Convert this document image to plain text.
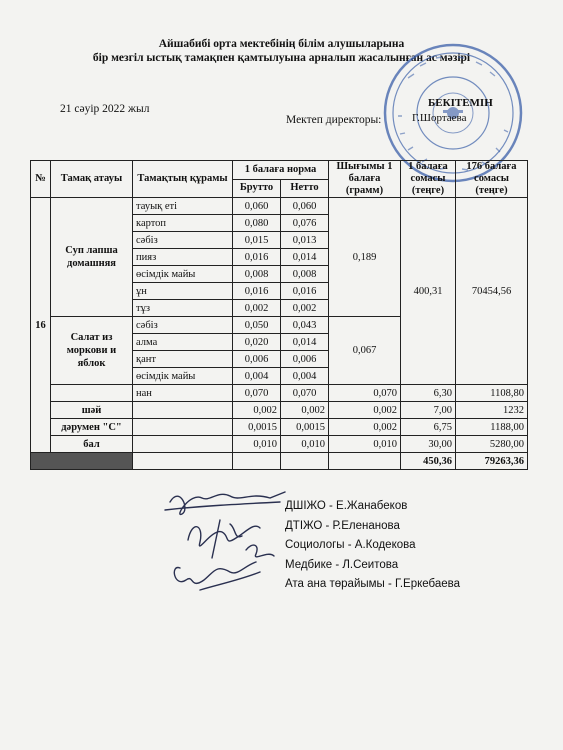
Айшабибі орта мектебінің білім алушыларына
бір мезгіл ыстық тамақпен қамтылуына арналып жасалынған ас мәзірі
БЕКІТЕМІН
21 сәуір 2022 жыл
Мектеп директоры:	Г.Шортаева
№	Тамақ атауы	Тамақтың құрамы	1 балаға норма		Шығымы 1 балаға (грамм)	1 балаға сомасы (теңге)	176 балаға сомасы (теңге)
			Брутто	Нетто			
16	Суп лапша домашняя	тауық еті	0,060	0,060	0,189	400,31	70454,56
		картоп	0,080	0,076			
		сәбіз	0,015	0,013			
		пияз	0,016	0,014			
		өсімдік майы	0,008	0,008			
		ұн	0,016	0,016			
		тұз	0,002	0,002			
	Салат из моркови и яблок	сәбіз	0,050	0,043	0,067		
		алма	0,020	0,014			
		қант	0,006	0,006			
		өсімдік майы	0,004	0,004			
		нан	0,070	0,070	0,070	6,30	1108,80
	шәй		0,002	0,002	0,002	7,00	1232
	дәрумен "С"		0,0015	0,0015	0,002	6,75	1188,00
	бал		0,010	0,010	0,010	30,00	5280,00
						450,36	79263,36
ДШІЖО - Е.Жанабеков
ДТІЖО - Р.Еленанова
Социологы - А.Кодекова
Медбике - Л.Сеитова
Ата ана төрайымы - Г.Еркебаева
